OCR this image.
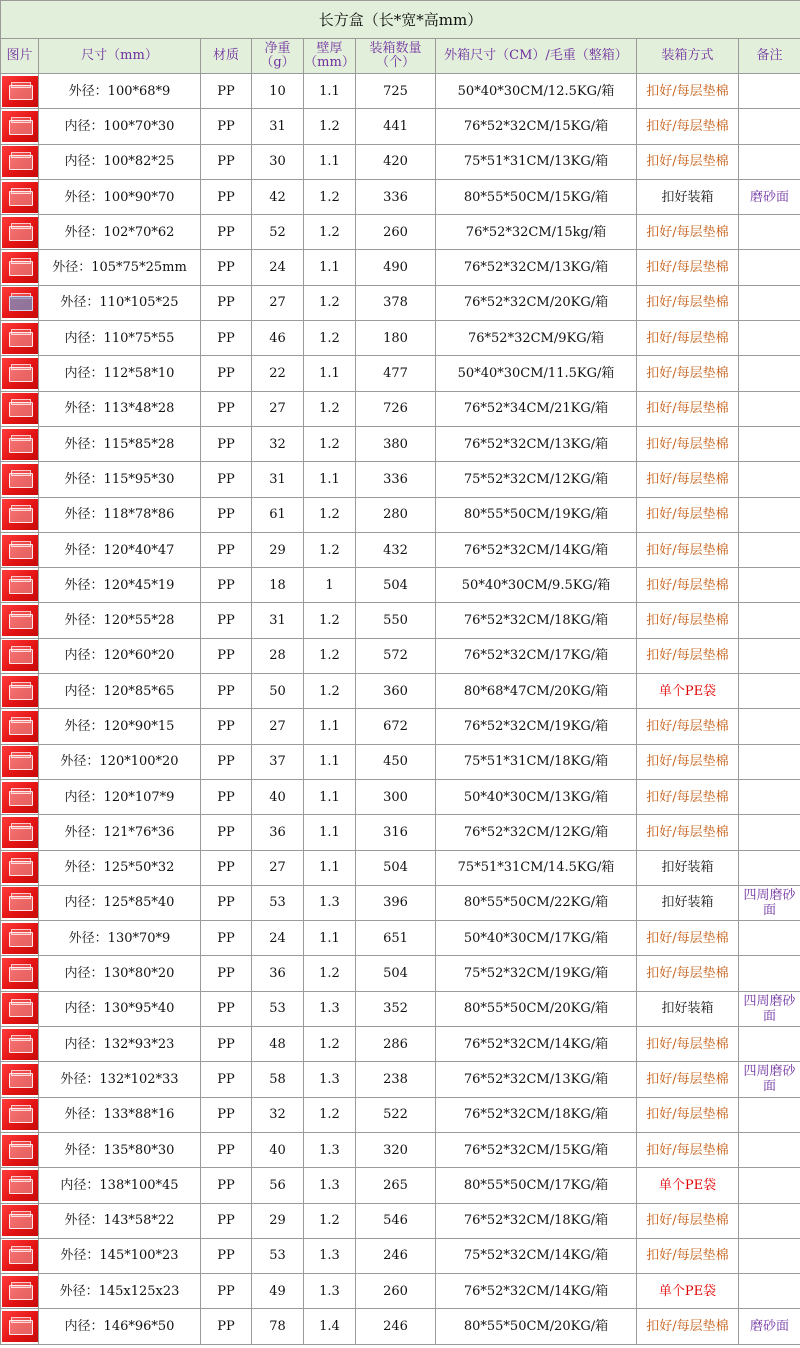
长方盒（长*宽*高mm）								
图片	尺寸（mm）	材质	净重（g）	壁厚（mm）	装箱数量（个）	外箱尺寸（CM）/毛重（整箱）	装箱方式	备注

	外径：100*68*9	PP	10	1.1	725	50*40*30CM/12.5KG/箱	扣好/每层垫棉	

	内径：100*70*30	PP	31	1.2	441	76*52*32CM/15KG/箱	扣好/每层垫棉	

	内径：100*82*25	PP	30	1.1	420	75*51*31CM/13KG/箱	扣好/每层垫棉	

	外径：100*90*70	PP	42	1.2	336	80*55*50CM/15KG/箱	扣好装箱	磨砂面

	外径：102*70*62	PP	52	1.2	260	76*52*32CM/15kg/箱	扣好/每层垫棉	

	外径：105*75*25mm	PP	24	1.1	490	76*52*32CM/13KG/箱	扣好/每层垫棉	

	外径：110*105*25	PP	27	1.2	378	76*52*32CM/20KG/箱	扣好/每层垫棉	

	内径：110*75*55	PP	46	1.2	180	76*52*32CM/9KG/箱	扣好/每层垫棉	

	内径：112*58*10	PP	22	1.1	477	50*40*30CM/11.5KG/箱	扣好/每层垫棉	

	外径：113*48*28	PP	27	1.2	726	76*52*34CM/21KG/箱	扣好/每层垫棉	

	外径：115*85*28	PP	32	1.2	380	76*52*32CM/13KG/箱	扣好/每层垫棉	

	外径：115*95*30	PP	31	1.1	336	75*52*32CM/12KG/箱	扣好/每层垫棉	

	外径：118*78*86	PP	61	1.2	280	80*55*50CM/19KG/箱	扣好/每层垫棉	

	外径：120*40*47	PP	29	1.2	432	76*52*32CM/14KG/箱	扣好/每层垫棉	

	外径：120*45*19	PP	18	1	504	50*40*30CM/9.5KG/箱	扣好/每层垫棉	

	外径：120*55*28	PP	31	1.2	550	76*52*32CM/18KG/箱	扣好/每层垫棉	

	内径：120*60*20	PP	28	1.2	572	76*52*32CM/17KG/箱	扣好/每层垫棉	

	内径：120*85*65	PP	50	1.2	360	80*68*47CM/20KG/箱	单个PE袋	

	外径：120*90*15	PP	27	1.1	672	76*52*32CM/19KG/箱	扣好/每层垫棉	

	外径：120*100*20	PP	37	1.1	450	75*51*31CM/18KG/箱	扣好/每层垫棉	

	内径：120*107*9	PP	40	1.1	300	50*40*30CM/13KG/箱	扣好/每层垫棉	

	外径：121*76*36	PP	36	1.1	316	76*52*32CM/12KG/箱	扣好/每层垫棉	

	外径：125*50*32	PP	27	1.1	504	75*51*31CM/14.5KG/箱	扣好装箱	

	内径：125*85*40	PP	53	1.3	396	80*55*50CM/22KG/箱	扣好装箱	四周磨砂面

	外径：130*70*9	PP	24	1.1	651	50*40*30CM/17KG/箱	扣好/每层垫棉	

	内径：130*80*20	PP	36	1.2	504	75*52*32CM/19KG/箱	扣好/每层垫棉	

	内径：130*95*40	PP	53	1.3	352	80*55*50CM/20KG/箱	扣好装箱	四周磨砂面

	内径：132*93*23	PP	48	1.2	286	76*52*32CM/14KG/箱	扣好/每层垫棉	

	外径：132*102*33	PP	58	1.3	238	76*52*32CM/13KG/箱	扣好/每层垫棉	四周磨砂面

	外径：133*88*16	PP	32	1.2	522	76*52*32CM/18KG/箱	扣好/每层垫棉	

	外径：135*80*30	PP	40	1.3	320	76*52*32CM/15KG/箱	扣好/每层垫棉	

	内径：138*100*45	PP	56	1.3	265	80*55*50CM/17KG/箱	单个PE袋	

	外径：143*58*22	PP	29	1.2	546	76*52*32CM/18KG/箱	扣好/每层垫棉	

	外径：145*100*23	PP	53	1.3	246	75*52*32CM/14KG/箱	扣好/每层垫棉	

	外径：145x125x23	PP	49	1.3	260	76*52*32CM/14KG/箱	单个PE袋	

	内径：146*96*50	PP	78	1.4	246	80*55*50CM/20KG/箱	扣好/每层垫棉	磨砂面
